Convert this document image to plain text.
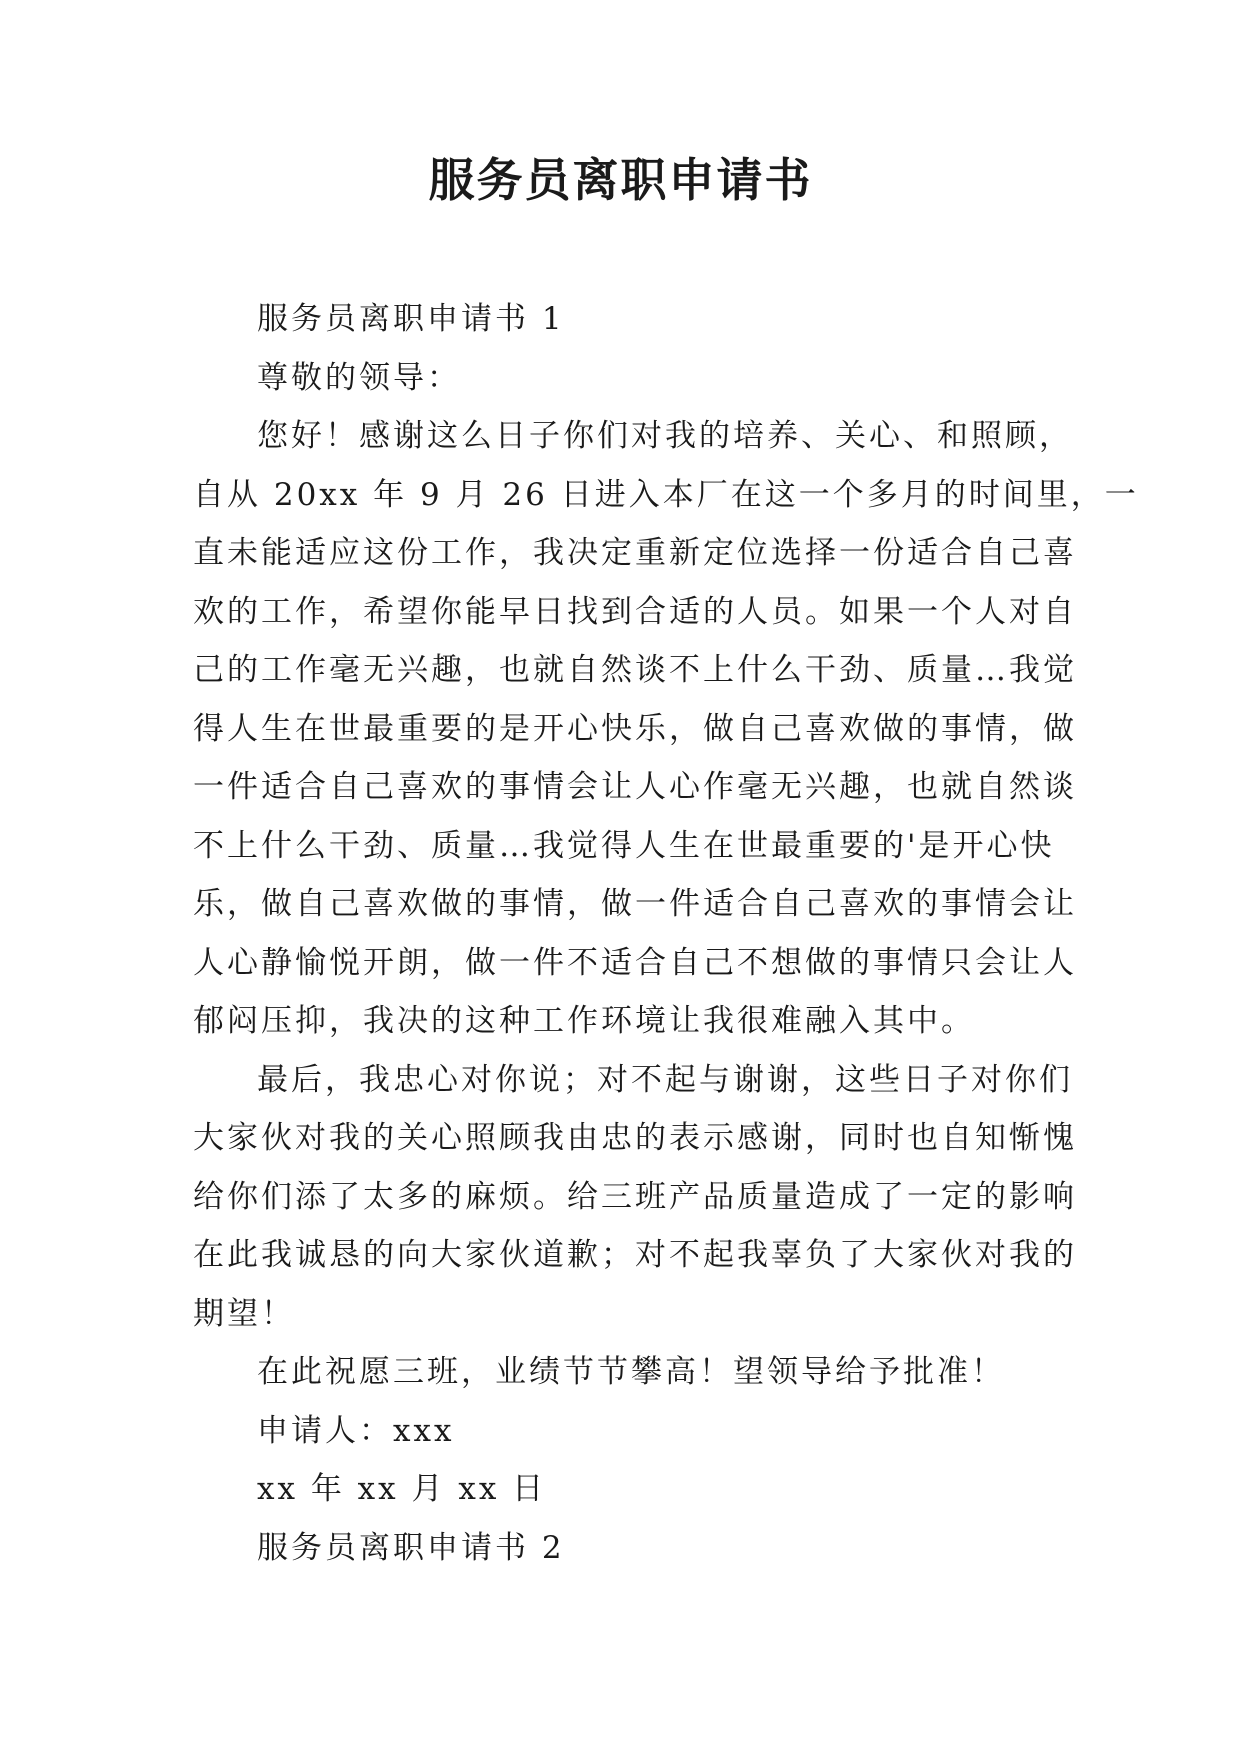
服务员离职申请书

服务员离职申请书 1

尊敬的领导：

您好！感谢这么日子你们对我的培养、关心、和照顾，

自从 20xx 年 9 月 26 日进入本厂在这一个多月的时间里，一

直未能适应这份工作，我决定重新定位选择一份适合自己喜

欢的工作，希望你能早日找到合适的人员。如果一个人对自

己的工作毫无兴趣，也就自然谈不上什么干劲、质量…我觉

得人生在世最重要的是开心快乐，做自己喜欢做的事情，做

一件适合自己喜欢的事情会让人心作毫无兴趣，也就自然谈

不上什么干劲、质量…我觉得人生在世最重要的'是开心快

乐，做自己喜欢做的事情，做一件适合自己喜欢的事情会让

人心静愉悦开朗，做一件不适合自己不想做的事情只会让人

郁闷压抑，我决的这种工作环境让我很难融入其中。

最后，我忠心对你说；对不起与谢谢，这些日子对你们

大家伙对我的关心照顾我由忠的表示感谢，同时也自知惭愧

给你们添了太多的麻烦。给三班产品质量造成了一定的影响

在此我诚恳的向大家伙道歉；对不起我辜负了大家伙对我的

期望！

在此祝愿三班，业绩节节攀高！望领导给予批准！

申请人：xxx

xx 年 xx 月 xx 日

服务员离职申请书 2
